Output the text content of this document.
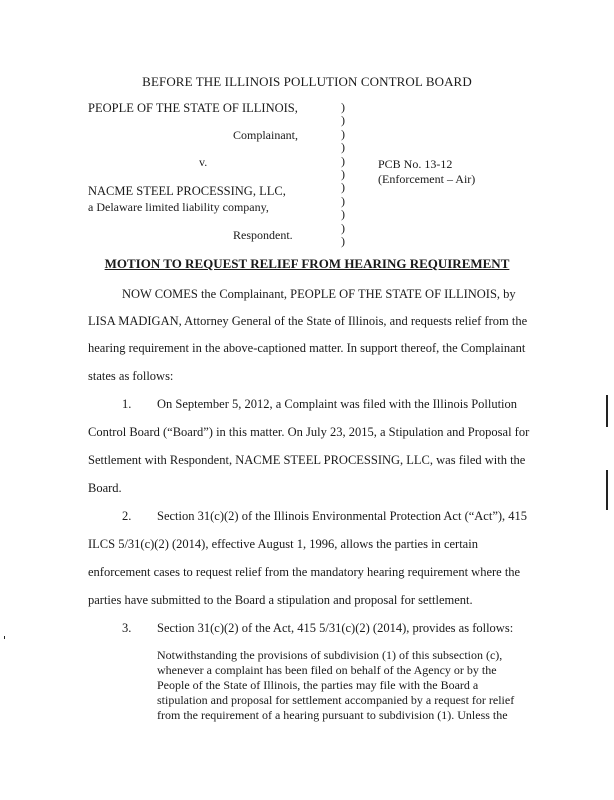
BEFORE THE ILLINOIS POLLUTION CONTROL BOARD
PEOPLE OF THE STATE OF ILLINOIS,
Complainant,
v.
NACME STEEL PROCESSING, LLC,
a Delaware limited liability company,
Respondent.
)
)
)
)
)
)
)
)
)
)
)
PCB No. 13-12
(Enforcement – Air)
MOTION TO REQUEST RELIEF FROM HEARING REQUIREMENT
NOW COMES the Complainant, PEOPLE OF THE STATE OF ILLINOIS, by
LISA MADIGAN, Attorney General of the State of Illinois, and requests relief from the
hearing requirement in the above-captioned matter. In support thereof, the Complainant
states as follows:
1. On September 5, 2012, a Complaint was filed with the Illinois Pollution
Control Board (“Board”) in this matter. On July 23, 2015, a Stipulation and Proposal for
Settlement with Respondent, NACME STEEL PROCESSING, LLC, was filed with the
Board.
2. Section 31(c)(2) of the Illinois Environmental Protection Act (“Act”), 415
ILCS 5/31(c)(2) (2014), effective August 1, 1996, allows the parties in certain
enforcement cases to request relief from the mandatory hearing requirement where the
parties have submitted to the Board a stipulation and proposal for settlement.
3. Section 31(c)(2) of the Act, 415 5/31(c)(2) (2014), provides as follows:
Notwithstanding the provisions of subdivision (1) of this subsection (c),
whenever a complaint has been filed on behalf of the Agency or by the
People of the State of Illinois, the parties may file with the Board a
stipulation and proposal for settlement accompanied by a request for relief
from the requirement of a hearing pursuant to subdivision (1). Unless the
